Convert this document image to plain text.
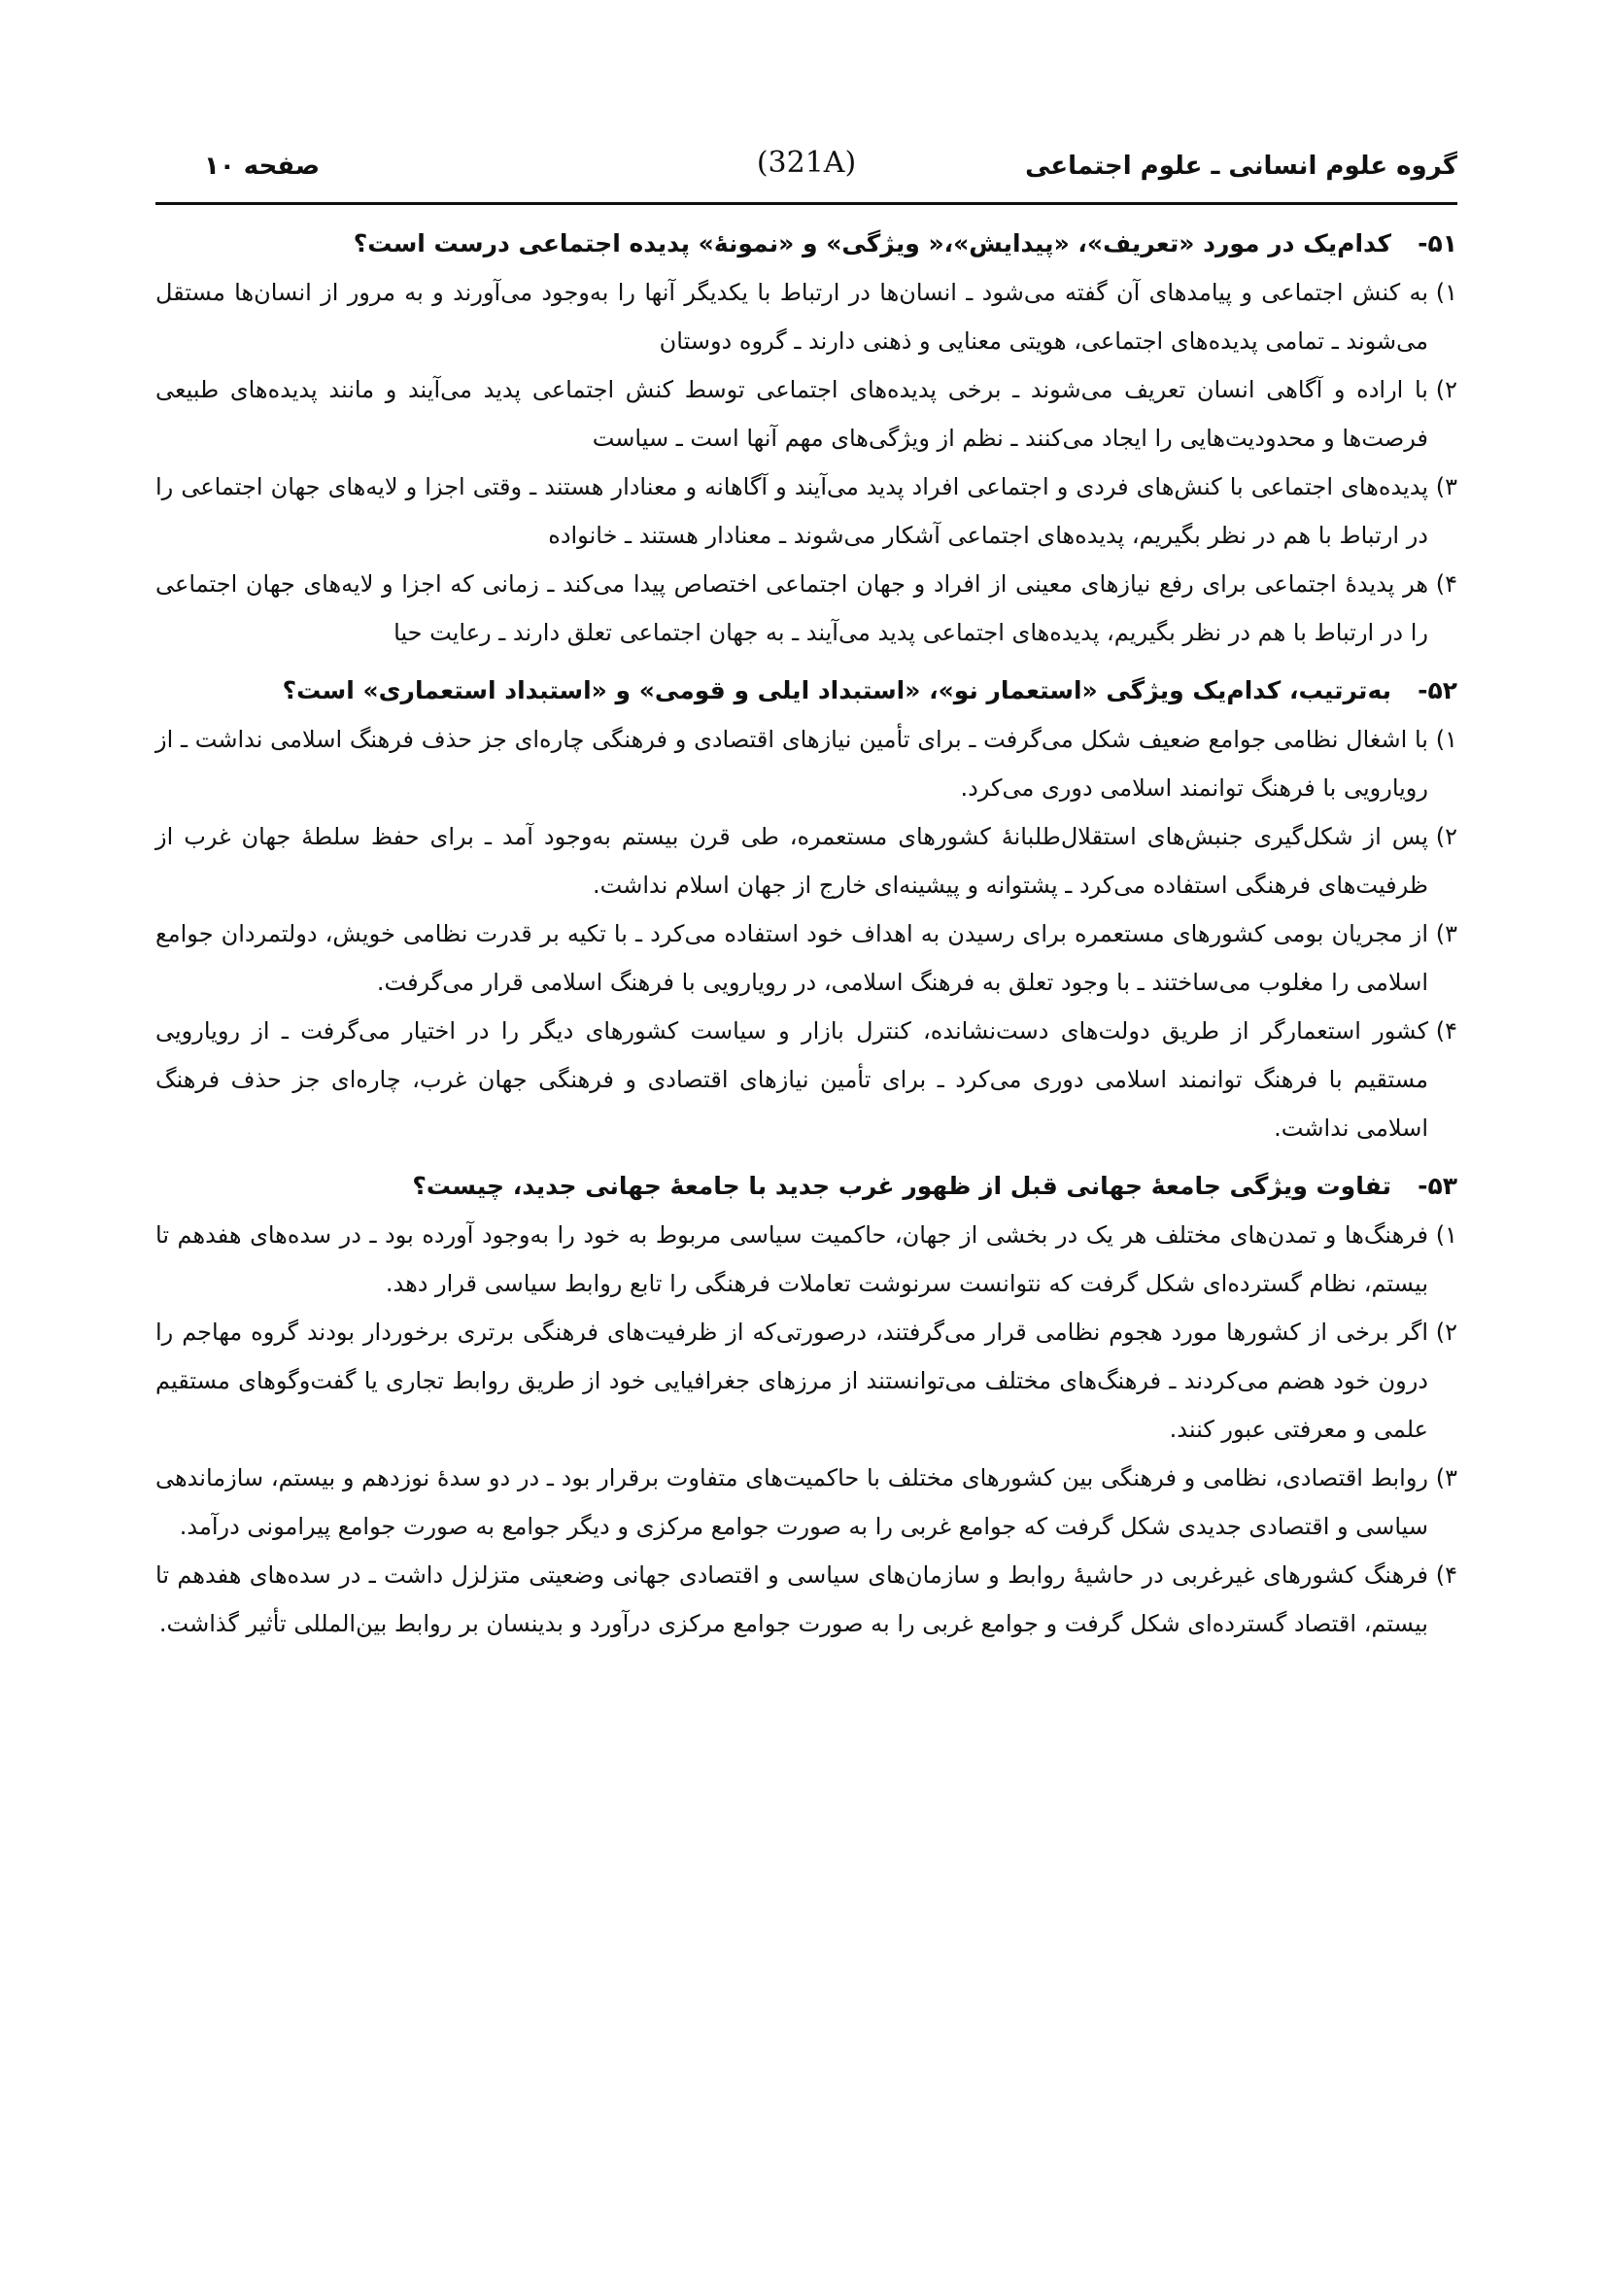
گروه علوم انسانی ـ علوم اجتماعی
(321A)
صفحه ۱۰
۵۱-
کدام‌یک در مورد «تعریف»، «پیدایش»،« ویژگی» و «نمونهٔ» پدیده اجتماعی درست است؟
۱)
به کنش اجتماعی و پیامدهای آن گفته می‌شود ـ انسان‌ها در ارتباط با یکدیگر آنها را به‌وجود می‌آورند و به مرور از انسان‌ها مستقل می‌شوند ـ تمامی پدیده‌های اجتماعی، هویتی معنایی و ذهنی دارند ـ گروه دوستان
۲)
با اراده و آگاهی انسان تعریف می‌شوند ـ برخی پدیده‌های اجتماعی توسط کنش اجتماعی پدید می‌آیند و مانند پدیده‌های طبیعی فرصت‌ها و محدودیت‌هایی را ایجاد می‌کنند ـ نظم از ویژگی‌های مهم آنها است ـ سیاست
۳)
پدیده‌های اجتماعی با کنش‌های فردی و اجتماعی افراد پدید می‌آیند و آگاهانه و معنادار هستند ـ وقتی اجزا و لایه‌های جهان اجتماعی را در ارتباط با هم در نظر بگیریم، پدیده‌های اجتماعی آشکار می‌شوند ـ معنادار هستند ـ خانواده
۴)
هر پدیدهٔ اجتماعی برای رفع نیازهای معینی از افراد و جهان اجتماعی اختصاص پیدا می‌کند ـ زمانی که اجزا و لایه‌های جهان اجتماعی را در ارتباط با هم در نظر بگیریم، پدیده‌های اجتماعی پدید می‌آیند ـ به جهان اجتماعی تعلق دارند ـ رعایت حیا
۵۲-
به‌ترتیب، کدام‌یک ویژگی «استعمار نو»، «استبداد ایلی و قومی» و «استبداد استعماری» است؟
۱)
با اشغال نظامی جوامع ضعیف شکل می‌گرفت ـ برای تأمین نیازهای اقتصادی و فرهنگی چاره‌ای جز حذف فرهنگ اسلامی نداشت ـ از رویارویی با فرهنگ توانمند اسلامی دوری می‌کرد.
۲)
پس از شکل‌گیری جنبش‌های استقلال‌طلبانهٔ کشورهای مستعمره، طی قرن بیستم به‌وجود آمد ـ برای حفظ سلطهٔ جهان غرب از ظرفیت‌های فرهنگی استفاده می‌کرد ـ پشتوانه و پیشینه‌ای خارج از جهان اسلام نداشت.
۳)
از مجریان بومی کشورهای مستعمره برای رسیدن به اهداف خود استفاده می‌کرد ـ با تکیه بر قدرت نظامی خویش، دولتمردان جوامع اسلامی را مغلوب می‌ساختند ـ با وجود تعلق به فرهنگ اسلامی، در رویارویی با فرهنگ اسلامی قرار می‌گرفت.
۴)
کشور استعمارگر از طریق دولت‌های دست‌نشانده، کنترل بازار و سیاست کشورهای دیگر را در اختیار می‌گرفت ـ از رویارویی مستقیم با فرهنگ توانمند اسلامی دوری می‌کرد ـ برای تأمین نیازهای اقتصادی و فرهنگی جهان غرب، چاره‌ای جز حذف فرهنگ اسلامی نداشت.
۵۳-
تفاوت ویژگی جامعهٔ جهانی قبل از ظهور غرب جدید با جامعهٔ جهانی جدید، چیست؟
۱)
فرهنگ‌ها و تمدن‌های مختلف هر یک در بخشی از جهان، حاکمیت سیاسی مربوط به خود را به‌وجود آورده بود ـ در سده‌های هفدهم تا بیستم، نظام گسترده‌ای شکل گرفت که نتوانست سرنوشت تعاملات فرهنگی را تابع روابط سیاسی قرار دهد.
۲)
اگر برخی از کشورها مورد هجوم نظامی قرار می‌گرفتند، درصورتی‌که از ظرفیت‌های فرهنگی برتری برخوردار بودند گروه مهاجم را درون خود هضم می‌کردند ـ فرهنگ‌های مختلف می‌توانستند از مرزهای جغرافیایی خود از طریق روابط تجاری یا گفت‌وگوهای مستقیم علمی و معرفتی عبور کنند.
۳)
روابط اقتصادی، نظامی و فرهنگی بین کشورهای مختلف با حاکمیت‌های متفاوت برقرار بود ـ در دو سدهٔ نوزدهم و بیستم، سازماندهی سیاسی و اقتصادی جدیدی شکل گرفت که جوامع غربی را به صورت جوامع مرکزی و دیگر جوامع به صورت جوامع پیرامونی درآمد.
۴)
فرهنگ کشورهای غیرغربی در حاشیهٔ روابط و سازمان‌های سیاسی و اقتصادی جهانی وضعیتی متزلزل داشت ـ در سده‌های هفدهم تا بیستم، اقتصاد گسترده‌ای شکل گرفت و جوامع غربی را به صورت جوامع مرکزی درآورد و بدینسان بر روابط بین‌المللی تأثیر گذاشت.
